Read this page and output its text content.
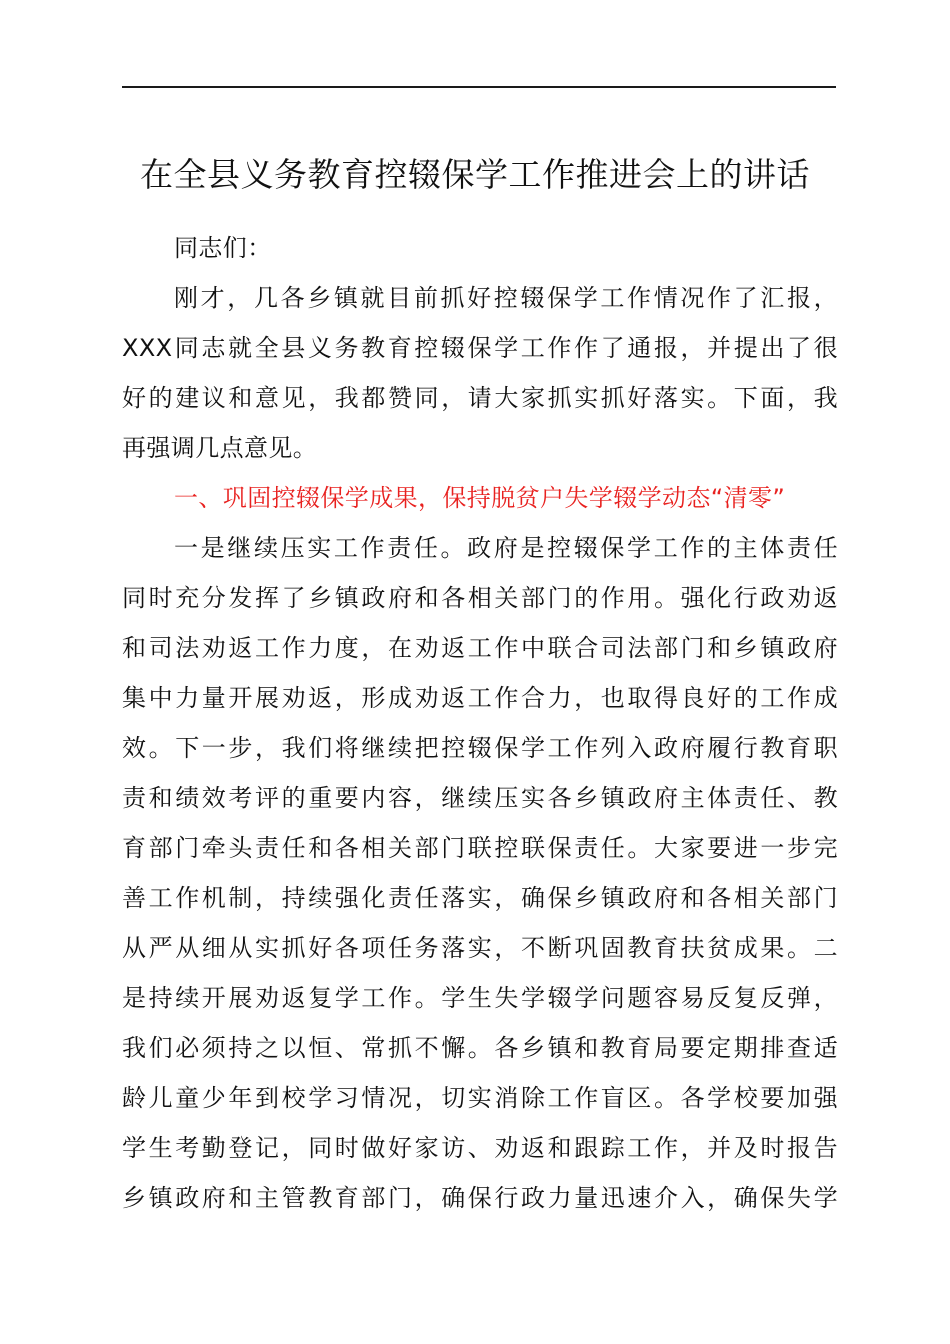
在全县义务教育控辍保学工作推进会上的讲话
同志们：
刚才，几各乡镇就目前抓好控辍保学工作情况作了汇报，
XXX同志就全县义务教育控辍保学工作作了通报，并提出了很
好的建议和意见，我都赞同，请大家抓实抓好落实。下面，我
再强调几点意见。
一、巩固控辍保学成果，保持脱贫户失学辍学动态“清零”
一是继续压实工作责任。政府是控辍保学工作的主体责任
同时充分发挥了乡镇政府和各相关部门的作用。强化行政劝返
和司法劝返工作力度，在劝返工作中联合司法部门和乡镇政府
集中力量开展劝返，形成劝返工作合力，也取得良好的工作成
效。下一步，我们将继续把控辍保学工作列入政府履行教育职
责和绩效考评的重要内容，继续压实各乡镇政府主体责任、教
育部门牵头责任和各相关部门联控联保责任。大家要进一步完
善工作机制，持续强化责任落实，确保乡镇政府和各相关部门
从严从细从实抓好各项任务落实，不断巩固教育扶贫成果。二
是持续开展劝返复学工作。学生失学辍学问题容易反复反弹，
我们必须持之以恒、常抓不懈。各乡镇和教育局要定期排查适
龄儿童少年到校学习情况，切实消除工作盲区。各学校要加强
学生考勤登记，同时做好家访、劝返和跟踪工作，并及时报告
乡镇政府和主管教育部门，确保行政力量迅速介入，确保失学
